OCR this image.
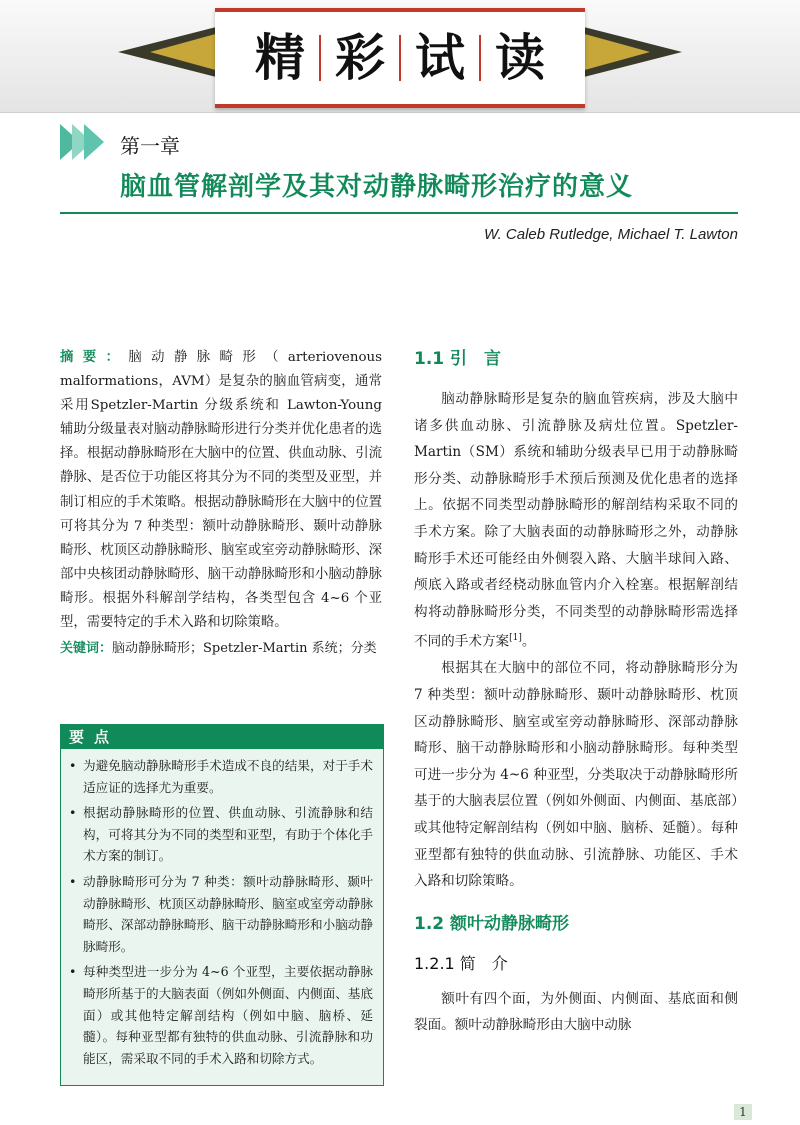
精 彩 试 读
第一章
脑血管解剖学及其对动静脉畸形治疗的意义
W. Caleb Rutledge, Michael T. Lawton

摘要：脑动静脉畸形（arteriovenous malformations，AVM）是复杂的脑血管病变，通常采用Spetzler-Martin 分级系统和 Lawton-Young 辅助分级量表对脑动静脉畸形进行分类并优化患者的选择。根据动静脉畸形在大脑中的位置、供血动脉、引流静脉、是否位于功能区将其分为不同的类型及亚型，并制订相应的手术策略。根据动静脉畸形在大脑中的位置可将其分为 7 种类型：额叶动静脉畸形、颞叶动静脉畸形、枕顶区动静脉畸形、脑室或室旁动静脉畸形、深部中央核团动静脉畸形、脑干动静脉畸形和小脑动静脉畸形。根据外科解剖学结构，各类型包含 4~6 个亚型，需要特定的手术入路和切除策略。

关键词：脑动静脉畸形；Spetzler-Martin 系统；分类

要点
• 为避免脑动静脉畸形手术造成不良的结果，对于手术适应证的选择尤为重要。
• 根据动静脉畸形的位置、供血动脉、引流静脉和结构，可将其分为不同的类型和亚型，有助于个体化手术方案的制订。
• 动静脉畸形可分为 7 种类：额叶动静脉畸形、颞叶动静脉畸形、枕顶区动静脉畸形、脑室或室旁动静脉畸形、深部动静脉畸形、脑干动静脉畸形和小脑动静脉畸形。
• 每种类型进一步分为 4~6 个亚型，主要依据动静脉畸形所基于的大脑表面（例如外侧面、内侧面、基底面）或其他特定解剖结构（例如中脑、脑桥、延髓）。每种亚型都有独特的供血动脉、引流静脉和功能区，需采取不同的手术入路和切除方式。
1.1 引　言

脑动静脉畸形是复杂的脑血管疾病，涉及大脑中诸多供血动脉、引流静脉及病灶位置。Spetzler-Martin（SM）系统和辅助分级表早已用于动静脉畸形分类、动静脉畸形手术预后预测及优化患者的选择上。依据不同类型动静脉畸形的解剖结构采取不同的手术方案。除了大脑表面的动静脉畸形之外，动静脉畸形手术还可能经由外侧裂入路、大脑半球间入路、颅底入路或者经桡动脉血管内介入栓塞。根据解剖结构将动静脉畸形分类，不同类型的动静脉畸形需选择不同的手术方案[1]。

根据其在大脑中的部位不同，将动静脉畸形分为 7 种类型：额叶动静脉畸形、颞叶动静脉畸形、枕顶区动静脉畸形、脑室或室旁动静脉畸形、深部动静脉畸形、脑干动静脉畸形和小脑动静脉畸形。每种类型可进一步分为 4~6 种亚型，分类取决于动静脉畸形所基于的大脑表层位置（例如外侧面、内侧面、基底部）或其他特定解剖结构（例如中脑、脑桥、延髓）。每种亚型都有独特的供血动脉、引流静脉、功能区、手术入路和切除策略。

1.2 额叶动静脉畸形
1.2.1 简　介

额叶有四个面，为外侧面、内侧面、基底面和侧裂面。额叶动静脉畸形由大脑中动脉

1
